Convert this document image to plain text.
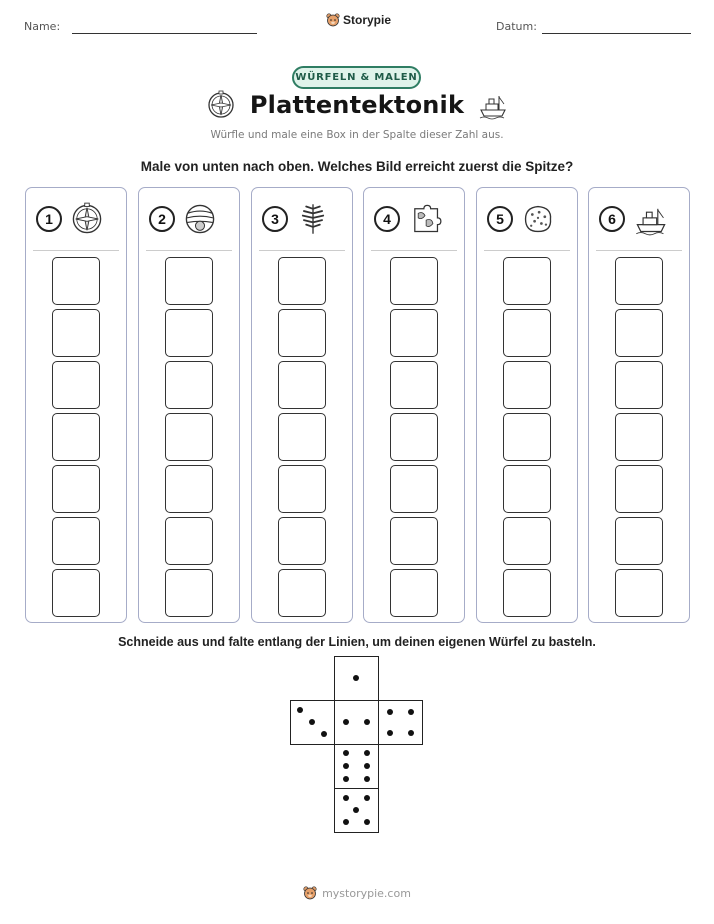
Name:	Storypie	Datum:
WÜRFELN & MALEN
Plattentektonik
Würfle und male eine Box in der Spalte dieser Zahl aus.
Male von unten nach oben. Welches Bild erreicht zuerst die Spitze?
1	2	3	4	5	6
Schneide aus und falte entlang der Linien, um deinen eigenen Würfel zu basteln.
mystorypie.com
